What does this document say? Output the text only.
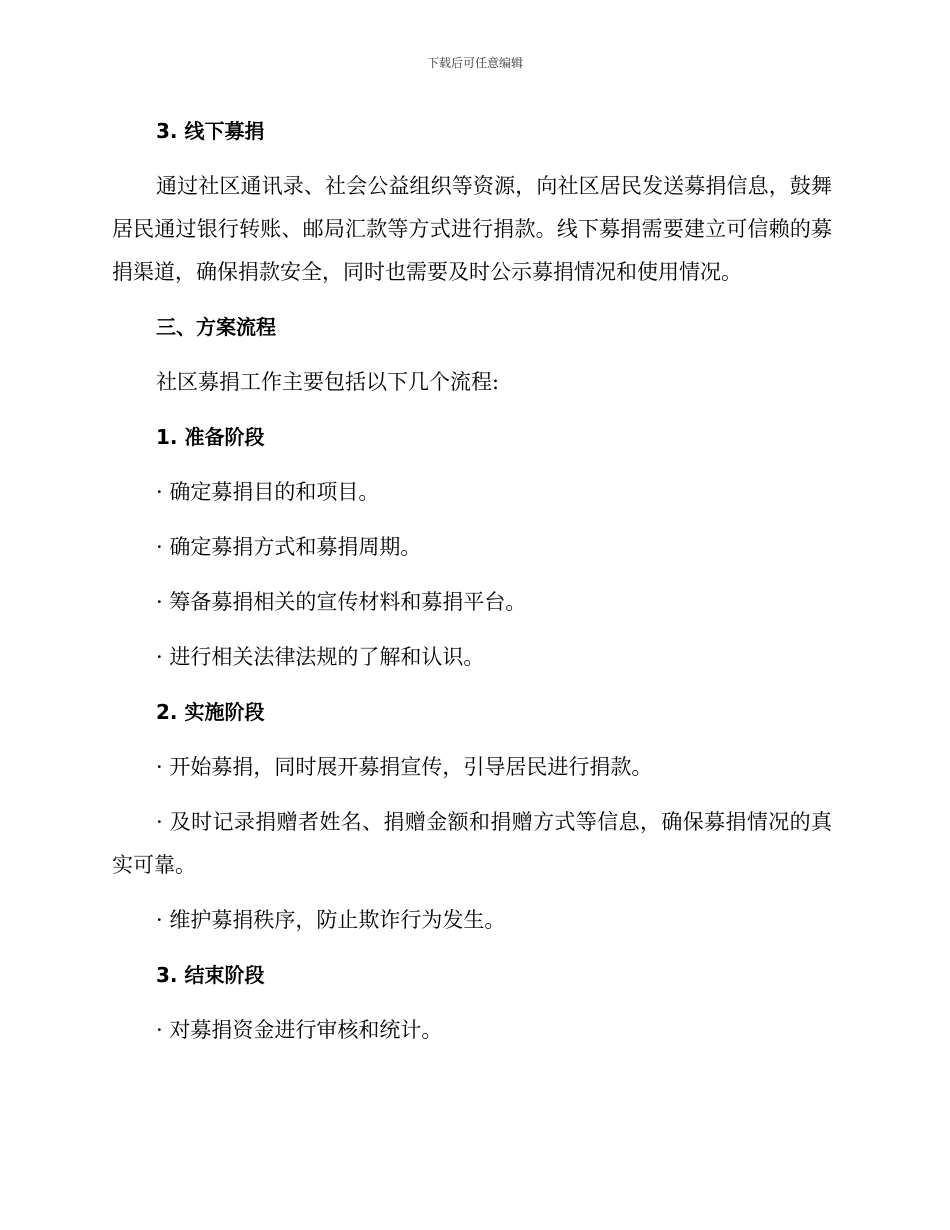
下载后可任意编辑

3. 线下募捐

通过社区通讯录、社会公益组织等资源，向社区居民发送募捐信息，鼓舞居民通过银行转账、邮局汇款等方式进行捐款。线下募捐需要建立可信赖的募捐渠道，确保捐款安全，同时也需要及时公示募捐情况和使用情况。

三、方案流程

社区募捐工作主要包括以下几个流程:

1. 准备阶段

· 确定募捐目的和项目。

· 确定募捐方式和募捐周期。

· 筹备募捐相关的宣传材料和募捐平台。

· 进行相关法律法规的了解和认识。

2. 实施阶段

· 开始募捐，同时展开募捐宣传，引导居民进行捐款。

· 及时记录捐赠者姓名、捐赠金额和捐赠方式等信息，确保募捐情况的真实可靠。

· 维护募捐秩序，防止欺诈行为发生。

3. 结束阶段

· 对募捐资金进行审核和统计。
